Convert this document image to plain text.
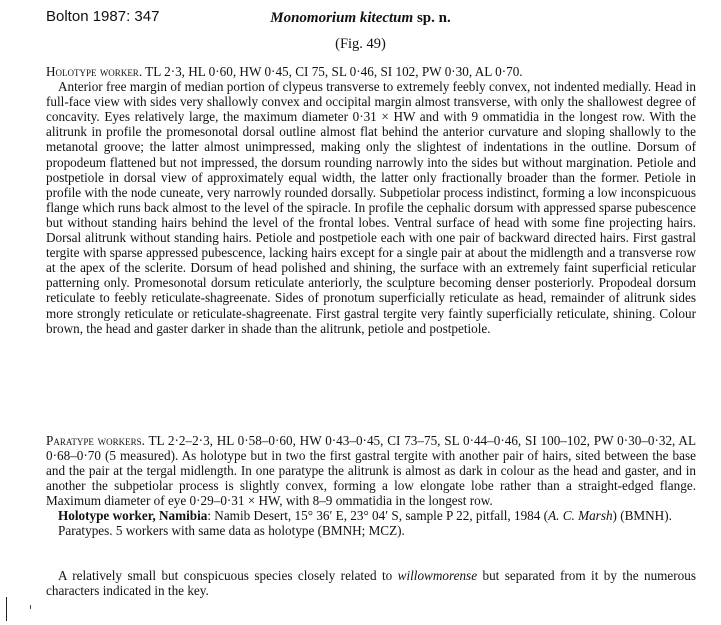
Bolton 1987: 347	Monomorium kitectum sp. n.
(Fig. 49)

Holotype worker. TL 2·3, HL 0·60, HW 0·45, CI 75, SL 0·46, SI 102, PW 0·30, AL 0·70.

Anterior free margin of median portion of clypeus transverse to extremely feebly convex, not indented medially. Head in full-face view with sides very shallowly convex and occipital margin almost transverse, with only the shallowest degree of concavity. Eyes relatively large, the maximum diameter 0·31 × HW and with 9 ommatidia in the longest row. With the alitrunk in profile the promesonotal dorsal outline almost flat behind the anterior curvature and sloping shallowly to the metanotal groove; the latter almost unimpressed, making only the slightest of indentations in the outline. Dorsum of propodeum flattened but not impressed, the dorsum rounding narrowly into the sides but without margination. Petiole and postpetiole in dorsal view of approximately equal width, the latter only fractionally broader than the former. Petiole in profile with the node cuneate, very narrowly rounded dorsally. Subpetiolar process indistinct, forming a low inconspicuous flange which runs back almost to the level of the spiracle. In profile the cephalic dorsum with appressed sparse pubescence but without standing hairs behind the level of the frontal lobes. Ventral surface of head with some fine projecting hairs. Dorsal alitrunk without standing hairs. Petiole and postpetiole each with one pair of backward directed hairs. First gastral tergite with sparse appressed pubescence, lacking hairs except for a single pair at about the midlength and a transverse row at the apex of the sclerite. Dorsum of head polished and shining, the surface with an extremely faint superficial reticular patterning only. Promesonotal dorsum reticulate anteriorly, the sculpture becoming denser posteriorly. Propodeal dorsum reticulate to feebly reticulate-shagreenate. Sides of pronotum superficially reticulate as head, remainder of alitrunk sides more strongly reticulate or reticulate-shagreenate. First gastral tergite very faintly superficially reticulate, shining. Colour brown, the head and gaster darker in shade than the alitrunk, petiole and postpetiole.

Paratype workers. TL 2·2–2·3, HL 0·58–0·60, HW 0·43–0·45, CI 73–75, SL 0·44–0·46, SI 100–102, PW 0·30–0·32, AL 0·68–0·70 (5 measured). As holotype but in two the first gastral tergite with another pair of hairs, sited between the base and the pair at the tergal midlength. In one paratype the alitrunk is almost as dark in colour as the head and gaster, and in another the subpetiolar process is slightly convex, forming a low elongate lobe rather than a straight-edged flange. Maximum diameter of eye 0·29–0·31 × HW, with 8–9 ommatidia in the longest row.

Holotype worker, Namibia: Namib Desert, 15° 36′ E, 23° 04′ S, sample P 22, pitfall, 1984 (A. C. Marsh) (BMNH).

Paratypes. 5 workers with same data as holotype (BMNH; MCZ).

A relatively small but conspicuous species closely related to willowmorense but separated from it by the numerous characters indicated in the key.
